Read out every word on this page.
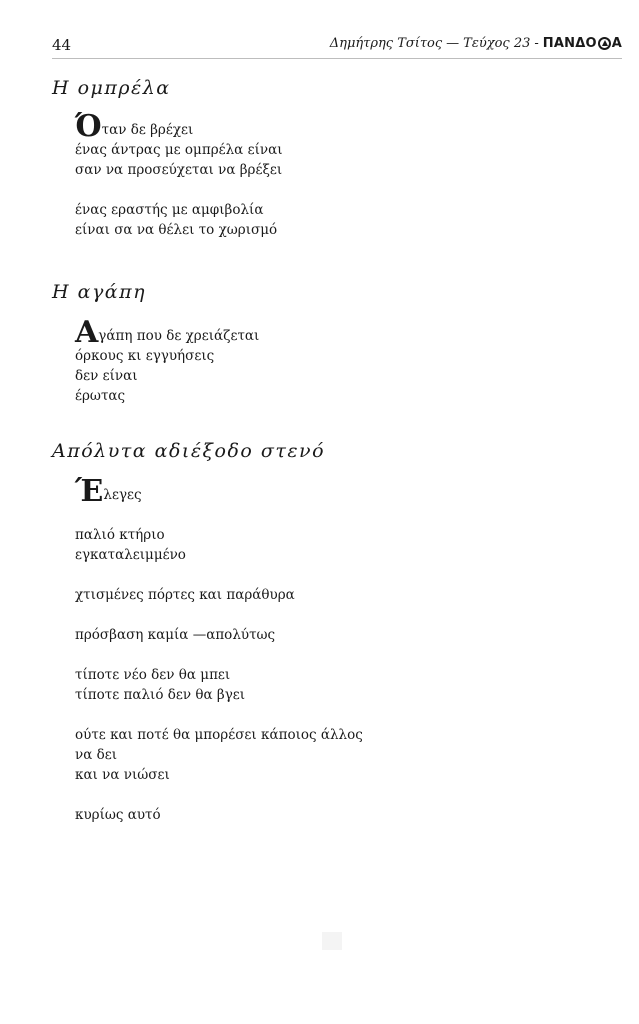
44	Δημήτρης Τσίτος — Τεύχος 23 - ΠΑΝΔΟ Α
Η ομπρέλα
Όταν δε βρέχει
ένας άντρας με ομπρέλα είναι
σαν να προσεύχεται να βρέξει
ένας εραστής με αμφιβολία
είναι σα να θέλει το χωρισμό
Η αγάπη
Αγάπη που δε χρειάζεται
όρκους κι εγγυήσεις
δεν είναι
έρωτας
Απόλυτα αδιέξοδο στενό
Έλεγες
παλιό κτήριο
εγκαταλειμμένο
χτισμένες πόρτες και παράθυρα
πρόσβαση καμία —απολύτως
τίποτε νέο δεν θα μπει
τίποτε παλιό δεν θα βγει
ούτε και ποτέ θα μπορέσει κάποιος άλλος
να δει
και να νιώσει
κυρίως αυτό
